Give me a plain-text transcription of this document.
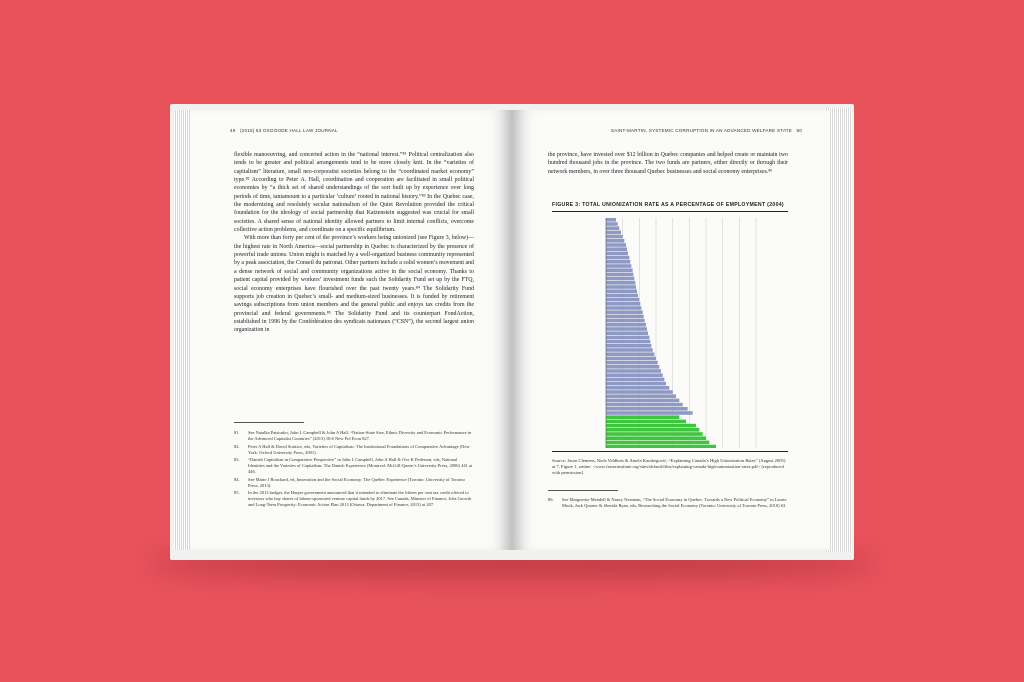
49 (2015) 53 OSGOODE HALL LAW JOURNAL

flexible manoeuvring, and concerted action in the “national interest.”⁸¹ Political centralization also tends to be greater and political arrangements tend to be more closely knit. In the “varieties of capitalism” literature, small neo-corporatist societies belong to the “coordinated market economy” type.⁸² According to Peter A. Hall, coordination and cooperation are facilitated in small political economies by “a thick set of shared understandings of the sort built up by experience over long periods of time, tantamount to a particular ‘culture’ rooted in national history.”⁸³ In the Quebec case, the modernizing and resolutely secular nationalism of the Quiet Revolution provided the critical foundation for the ideology of social partnership that Katzenstein suggested was crucial for small societies. A shared sense of national identity allowed partners to limit internal conflicts, overcome collective action problems, and coordinate on a specific equilibrium.

With more than forty per cent of the province’s workers being unionized (see Figure 3, below)—the highest rate in North America—social partnership in Quebec is characterized by the presence of powerful trade unions. Union might is matched by a well-organized business community represented by a peak association, the Conseil du patronat. Other partners include a solid women’s movement and a dense network of social and community organizations active in the social economy. Thanks to patient capital provided by workers’ investment funds such the Solidarity Fund set up by the FTQ, social economy enterprises have flourished over the past twenty years.⁸⁴ The Solidarity Fund supports job creation in Quebec’s small- and medium-sized businesses. It is funded by retirement savings subscriptions from union members and the general public and enjoys tax credits from the provincial and federal governments.⁸⁵ The Solidarity Fund and its counterpart FondAction, established in 1996 by the Confédération des syndicats nationaux (“CSN”), the second largest union organization in

81.	See Natalka Patsiurko, John L Campbell & John A Hall, “Nation-State Size, Ethnic Diversity and Economic Performance in the Advanced Capitalist Countries” (2013) 18:6 New Pol Econ 827.
82.	Peter A Hall & David Soskice, eds, Varieties of Capitalism: The Institutional Foundations of Comparative Advantage (New York: Oxford University Press, 2001).
83.	“Danish Capitalism in Comparative Perspective” in John L Campbell, John A Hall & Ove K Pedersen, eds, National Identities and the Varieties of Capitalism: The Danish Experience (Montreal: McGill-Queen’s University Press, 2006) 441 at 446.
84.	See Marie J Bouchard, ed, Innovation and the Social Economy: The Québec Experience (Toronto: University of Toronto Press, 2013).
85.	In the 2013 budget, the Harper government announced that it intended to eliminate the fifteen per cent tax credit offered to investors who buy shares of labour-sponsored venture capital funds by 2017. See Canada, Minister of Finance, Jobs Growth and Long-Term Prosperity: Economic Action Plan 2013 (Ottawa: Department of Finance, 2013) at 207.
SAINT-MARTIN, SYSTEMIC CORRUPTION IN AN ADVANCED WELFARE STATE 50

the province, have invested over $12 billion in Quebec companies and helped create or maintain two hundred thousand jobs in the province. The two funds are partners, either directly or through their network members, in over three thousand Quebec businesses and social economy enterprises.⁸⁶

FIGURE 3: TOTAL UNIONIZATION RATE AS A PERCENTAGE OF EMPLOYMENT (2004)
Source: Jason Clemens, Niels Veldhuis & Amela Karabegović, “Explaining Canada’s High Unionization Rates” (August 2005) at 7, Figure 1, online: <www.fraserinstitute.org/sites/default/files/explaining-canada-high-unionization-rates.pdf> [reproduced with permission].
86.	See Marguerite Mendell & Nancy Neamtan, “The Social Economy in Quebec: Towards a New Political Economy” in Laurie Mook, Jack Quarter & Sherida Ryan, eds, Researching the Social Economy (Toronto: University of Toronto Press, 2010) 63.
